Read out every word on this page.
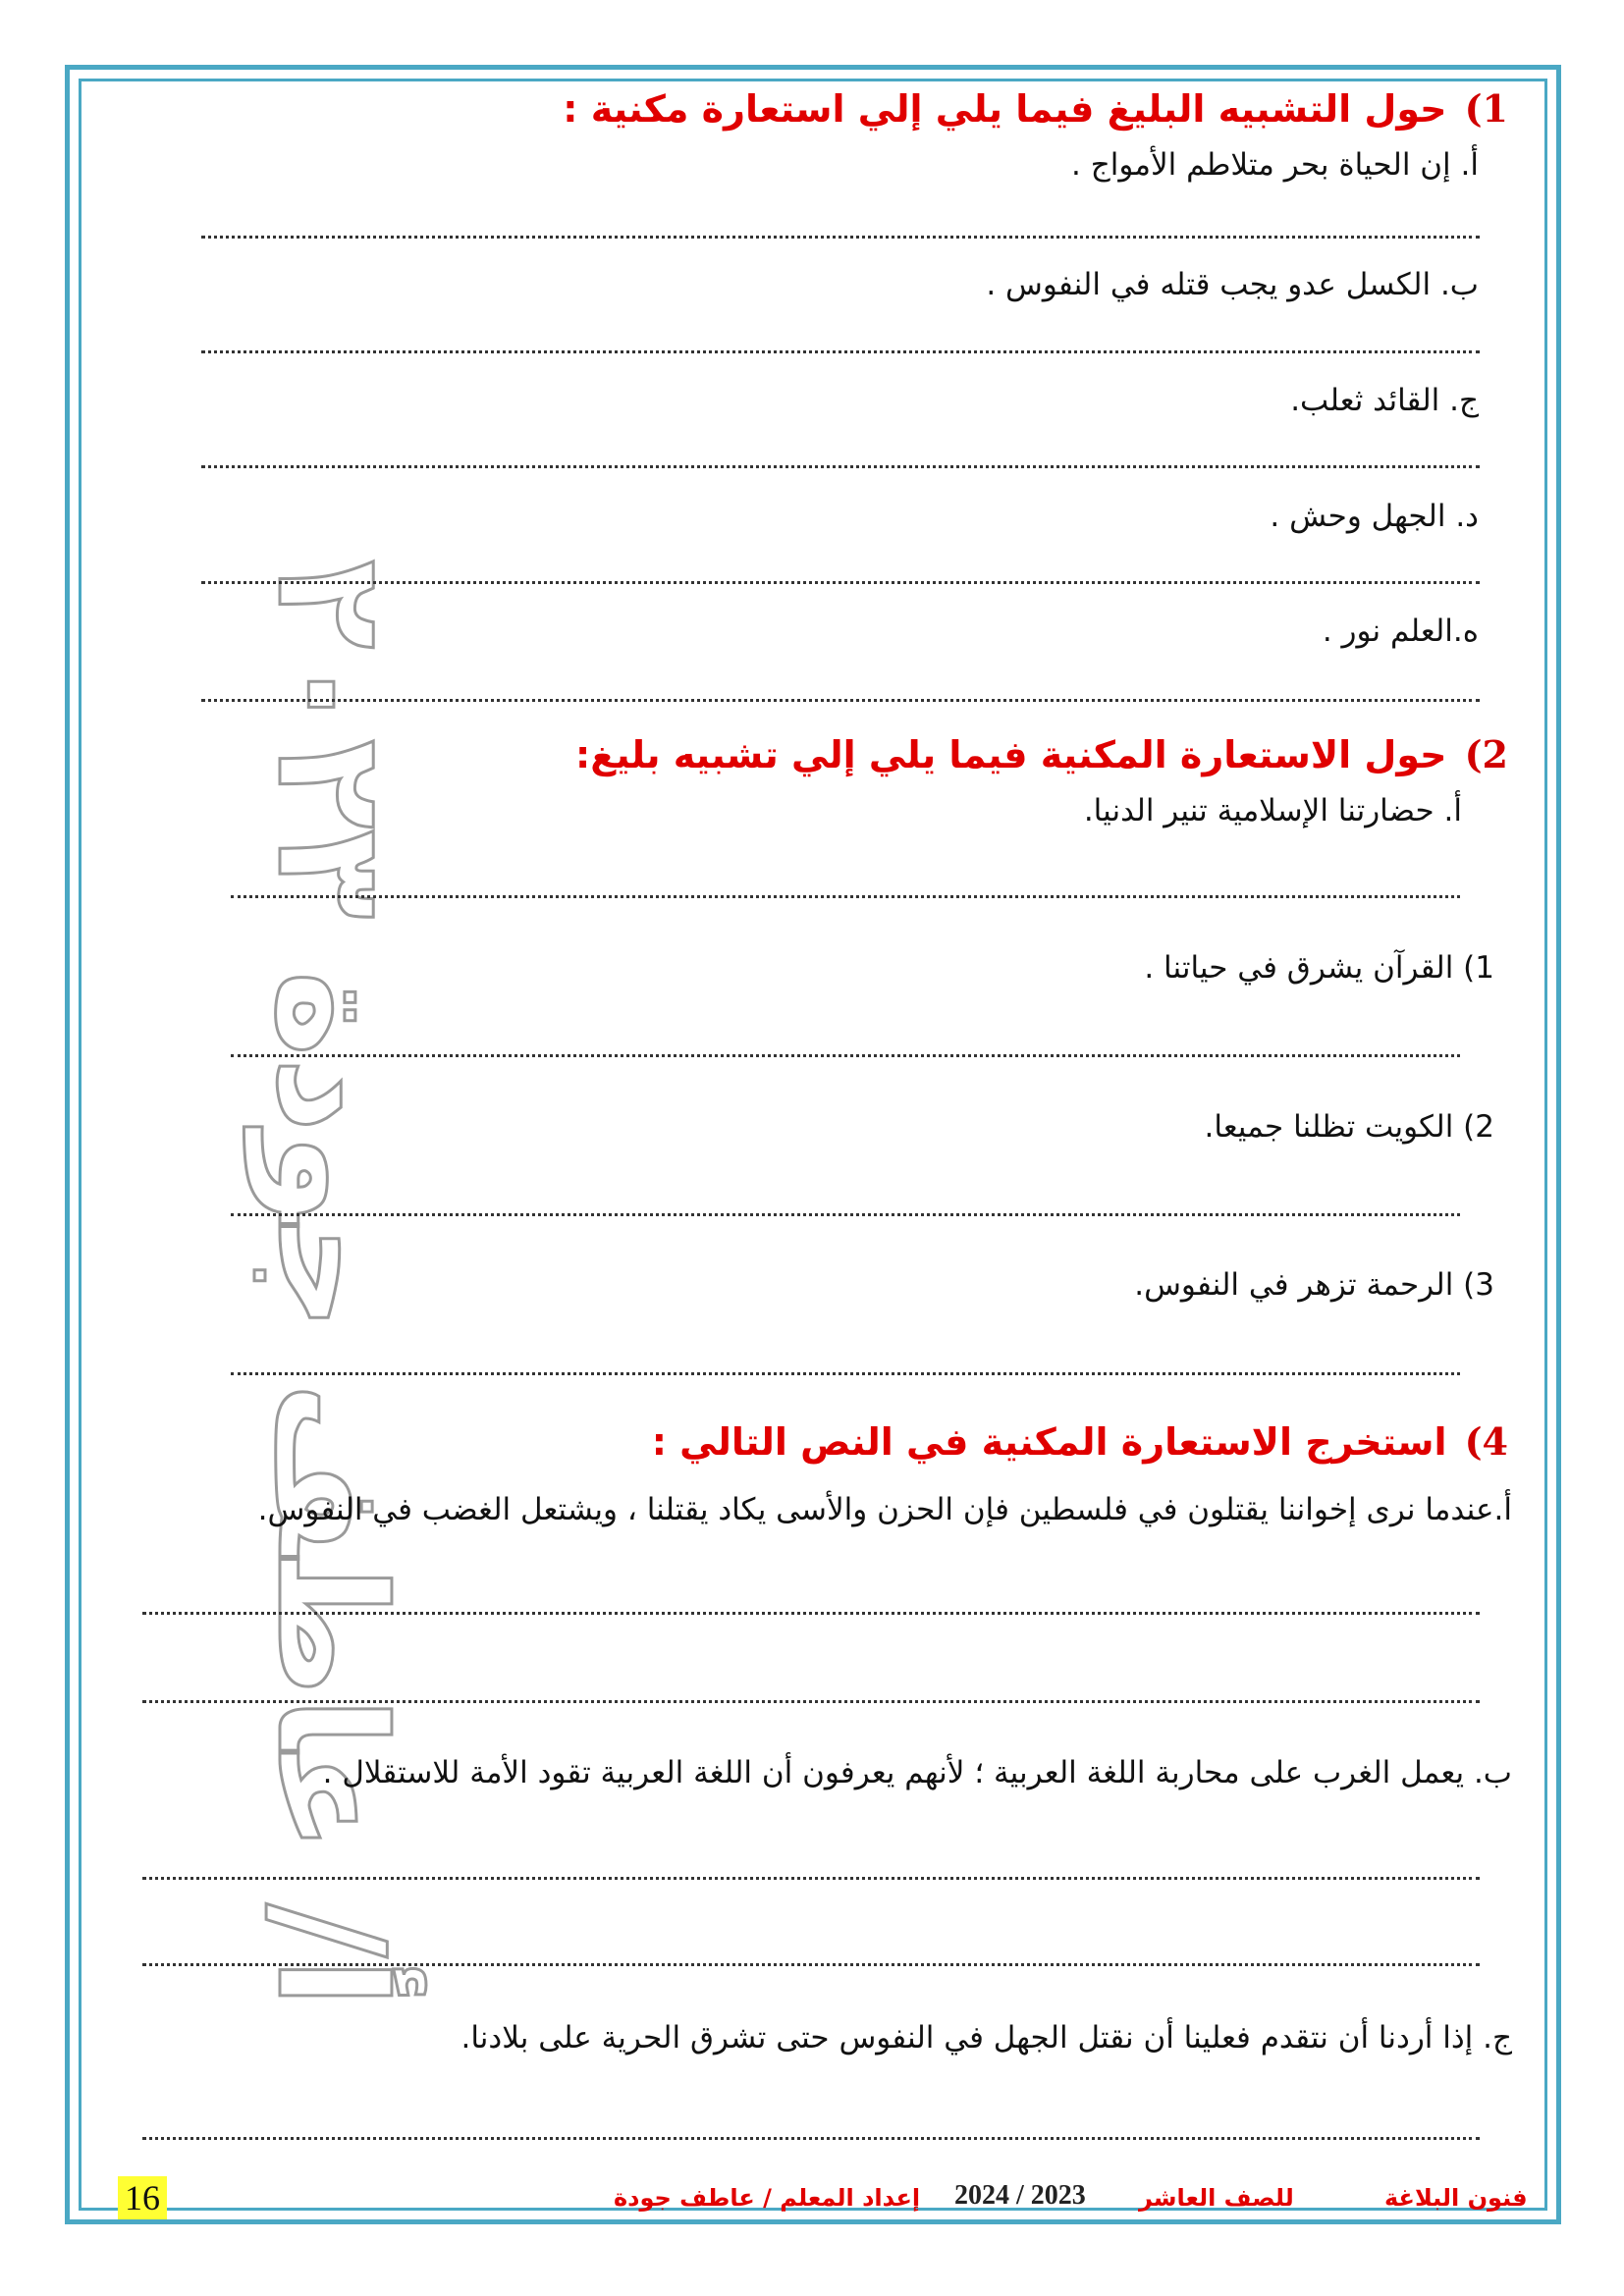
أ/ عاطف جودة ٢٠٢٣
1)
حول التشبيه البليغ فيما يلي إلي استعارة مكنية :
أ. إن الحياة بحر متلاطم الأمواج .
ب. الكسل عدو يجب قتله في النفوس .
ج. القائد ثعلب.
د. الجهل وحش .
ه.العلم نور .
2)
حول الاستعارة المكنية فيما يلي إلي تشبيه بليغ:
أ. حضارتنا الإسلامية تنير الدنيا.
1) القرآن يشرق في حياتنا .
2) الكويت تظلنا جميعا.
3) الرحمة تزهر في النفوس.
4)
استخرج الاستعارة المكنية في النص التالي :
أ.عندما نرى إخواننا يقتلون في فلسطين فإن الحزن والأسى يكاد يقتلنا ، ويشتعل الغضب في النفوس.
ب. يعمل الغرب على محاربة اللغة العربية ؛ لأنهم يعرفون أن اللغة العربية تقود الأمة للاستقلال .
ج. إذا أردنا أن نتقدم فعلينا أن نقتل الجهل في النفوس حتى تشرق الحرية على بلادنا.
16	إعداد المعلم / عاطف جودة 2024 / 2023 للصف العاشر	فنون البلاغة
